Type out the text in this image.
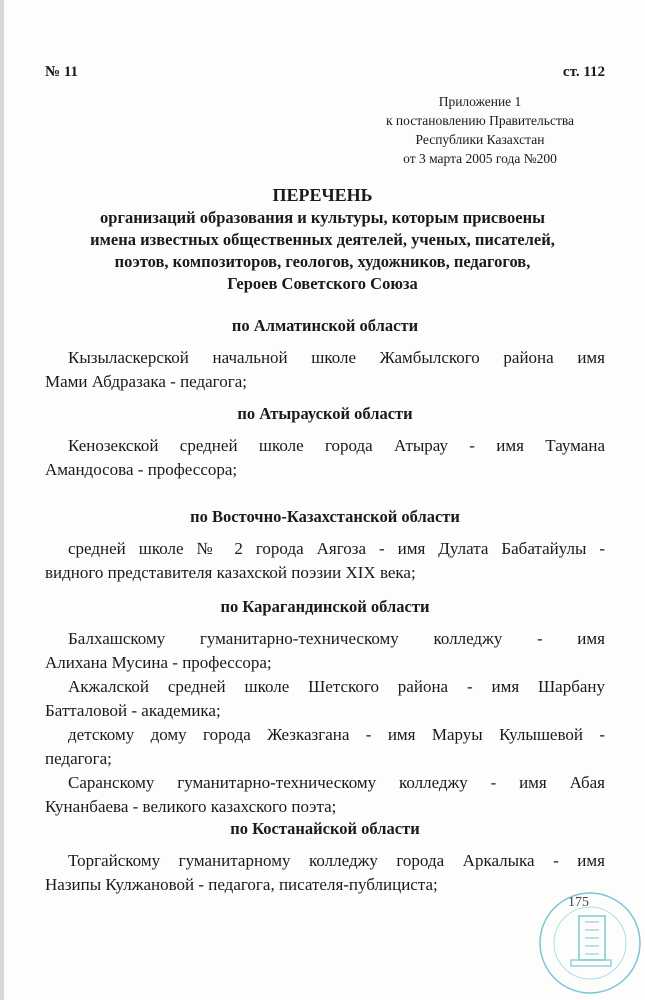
№ 11	ст. 112
Приложение 1
к постановлению Правительства
Республики Казахстан
от 3 марта 2005 года №200
ПЕРЕЧЕНЬ
организаций образования и культуры, которым присвоены
имена известных общественных деятелей, ученых, писателей,
поэтов, композиторов, геологов, художников, педагогов,
Героев Советского Союза
по Алматинской области
Кызыласкерской начальной школе Жамбылского района имя
Мами Абдразака - педагога;
по Атырауской области
Кенозекской средней школе города Атырау - имя Таумана
Амандосова - профессора;
по Восточно-Казахстанской области
средней школе № 2 города Аягоза - имя Дулата Бабатайулы -
видного представителя казахской поэзии XIX века;
по Карагандинской области
Балхашскому гуманитарно-техническому колледжу - имя
Алихана Мусина - профессора;
Акжалской средней школе Шетского района - имя Шарбану
Батталовой - академика;
детскому дому города Жезказгана - имя Маруы Кулышевой -
педагога;
Саранскому гуманитарно-техническому колледжу - имя Абая
Кунанбаева - великого казахского поэта;
по Костанайской области
Торгайскому гуманитарному колледжу города Аркалыка - имя
Назипы Кулжановой - педагога, писателя-публициста;
175
